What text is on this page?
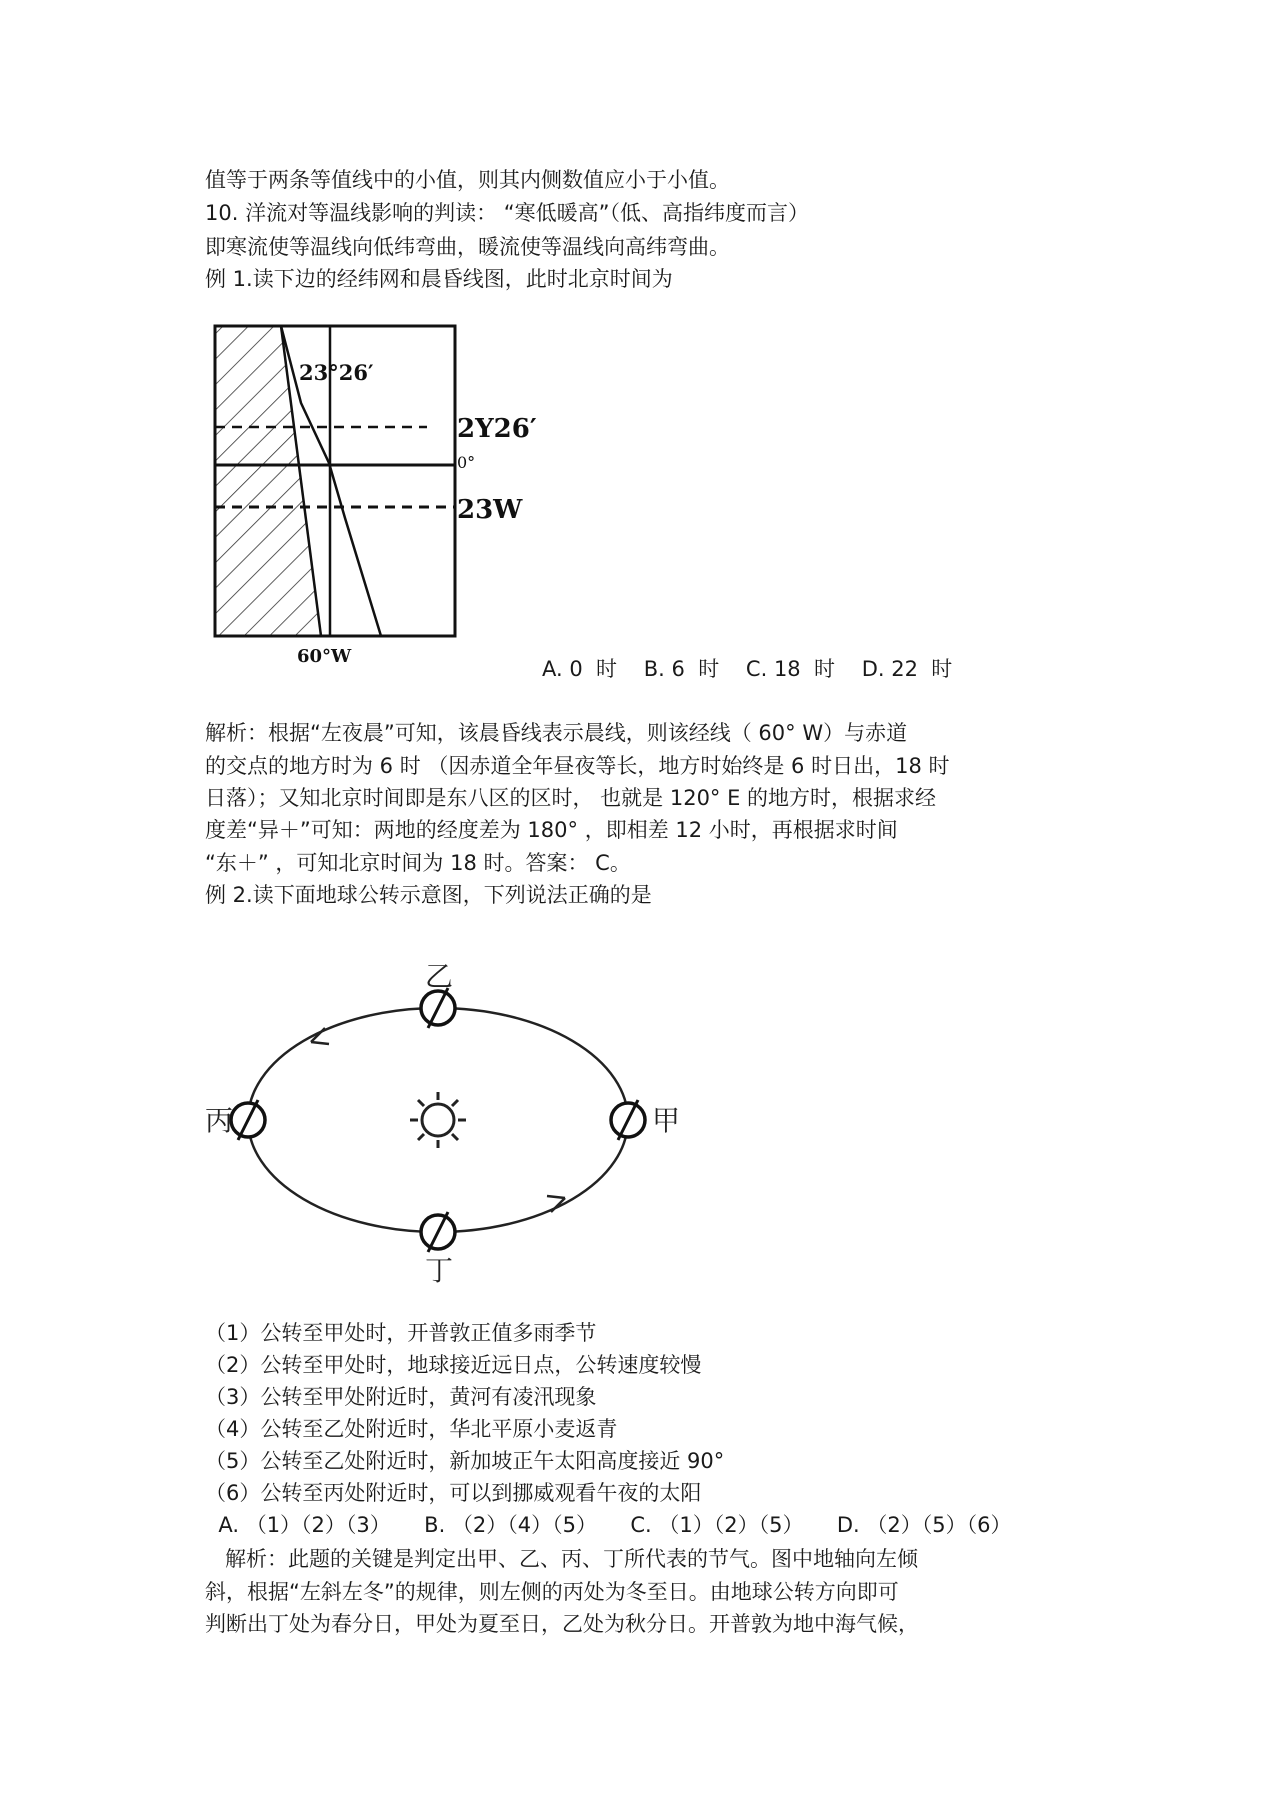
值等于两条等值线中的小值，则其内侧数值应小于小值。
10. 洋流对等温线影响的判读： “寒低暖高”（低、高指纬度而言）
即寒流使等温线向低纬弯曲，暖流使等温线向高纬弯曲。
例 1.读下边的经纬网和晨昏线图，此时北京时间为
23°26′
2Y26′
0°
23W
60°W
A. 0  时    B. 6  时    C. 18  时    D. 22  时
解析：根据“左夜晨”可知，该晨昏线表示晨线，则该经线（ 60° W）与赤道
的交点的地方时为 6 时 （因赤道全年昼夜等长，地方时始终是 6 时日出，18 时
日落）；又知北京时间即是东八区的区时， 也就是 120° E 的地方时，根据求经
度差“异＋”可知：两地的经度差为 180° ，即相差 12 小时，再根据求时间
“东＋” ，可知北京时间为 18 时。答案： C。
例 2.读下面地球公转示意图，下列说法正确的是
乙
丙	甲
丁
（1）公转至甲处时，开普敦正值多雨季节
（2）公转至甲处时，地球接近远日点，公转速度较慢
（3）公转至甲处附近时，黄河有凌汛现象
（4）公转至乙处附近时，华北平原小麦返青
（5）公转至乙处附近时，新加坡正午太阳高度接近 90°
（6）公转至丙处附近时，可以到挪威观看午夜的太阳
A. （1）（2）（3）     B. （2）（4）（5）     C. （1）（2）（5）     D. （2）（5）（6）
解析：此题的关键是判定出甲、乙、丙、丁所代表的节气。图中地轴向左倾
斜，根据“左斜左冬”的规律，则左侧的丙处为冬至日。由地球公转方向即可
判断出丁处为春分日，甲处为夏至日，乙处为秋分日。开普敦为地中海气候，
